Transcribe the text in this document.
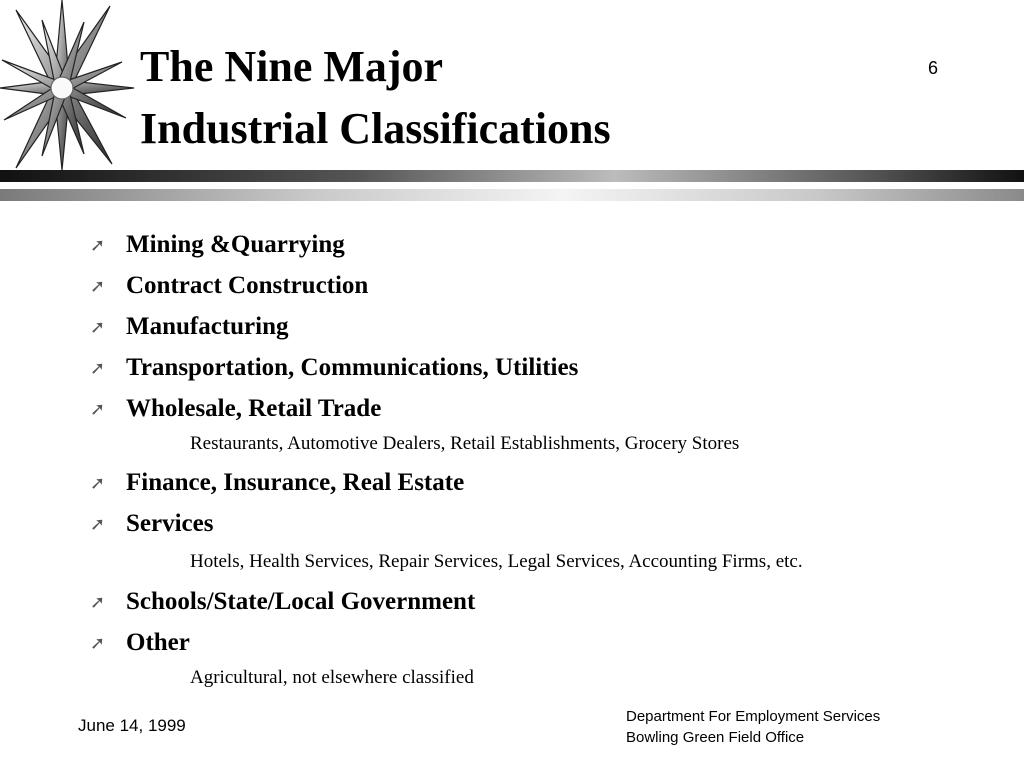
The Nine Major
Industrial Classifications
6
➚ Mining &Quarrying
➚ Contract Construction
➚ Manufacturing
➚ Transportation, Communications, Utilities
➚ Wholesale, Retail Trade
Restaurants, Automotive Dealers, Retail Establishments, Grocery Stores
➚ Finance, Insurance, Real Estate
➚ Services
Hotels, Health Services, Repair Services, Legal Services, Accounting Firms, etc.
➚ Schools/State/Local Government
➚ Other
Agricultural, not elsewhere classified
June 14, 1999	Department For Employment Services
Bowling Green Field Office
